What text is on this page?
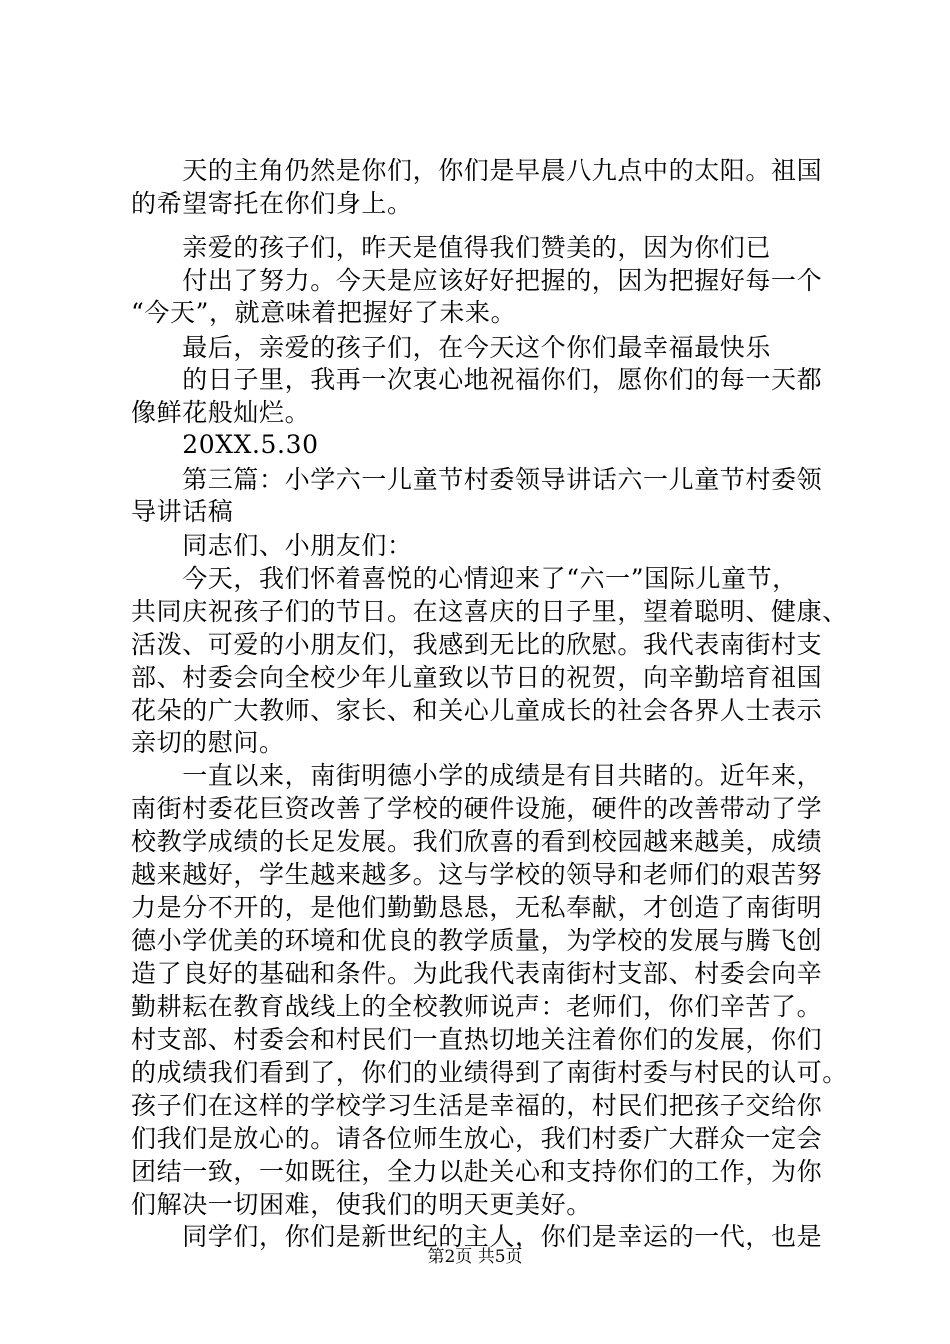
　　天的主角仍然是你们，你们是早晨八九点中的太阳。祖国
的希望寄托在你们身上。
　　亲爱的孩子们，昨天是值得我们赞美的，因为你们已
　　付出了努力。今天是应该好好把握的，因为把握好每一个
“今天”，就意味着把握好了未来。
　　最后，亲爱的孩子们，在今天这个你们最幸福最快乐
　　的日子里，我再一次衷心地祝福你们，愿你们的每一天都
像鲜花般灿烂。
　　20XX.5.30
　　第三篇：小学六一儿童节村委领导讲话六一儿童节村委领
导讲话稿
　　同志们、小朋友们：
　　今天，我们怀着喜悦的心情迎来了“六一”国际儿童节，
共同庆祝孩子们的节日。在这喜庆的日子里，望着聪明、健康、
活泼、可爱的小朋友们，我感到无比的欣慰。我代表南街村支
部、村委会向全校少年儿童致以节日的祝贺，向辛勤培育祖国
花朵的广大教师、家长、和关心儿童成长的社会各界人士表示
亲切的慰问。
　　一直以来，南街明德小学的成绩是有目共睹的。近年来，
南街村委花巨资改善了学校的硬件设施，硬件的改善带动了学
校教学成绩的长足发展。我们欣喜的看到校园越来越美，成绩
越来越好，学生越来越多。这与学校的领导和老师们的艰苦努
力是分不开的，是他们勤勤恳恳，无私奉献，才创造了南街明
德小学优美的环境和优良的教学质量，为学校的发展与腾飞创
造了良好的基础和条件。为此我代表南街村支部、村委会向辛
勤耕耘在教育战线上的全校教师说声：老师们，你们辛苦了。
村支部、村委会和村民们一直热切地关注着你们的发展，你们
的成绩我们看到了，你们的业绩得到了南街村委与村民的认可。
孩子们在这样的学校学习生活是幸福的，村民们把孩子交给你
们我们是放心的。请各位师生放心，我们村委广大群众一定会
团结一致，一如既往，全力以赴关心和支持你们的工作，为你
们解决一切困难，使我们的明天更美好。
　　同学们，你们是新世纪的主人，你们是幸运的一代，也是
第2页 共5页
